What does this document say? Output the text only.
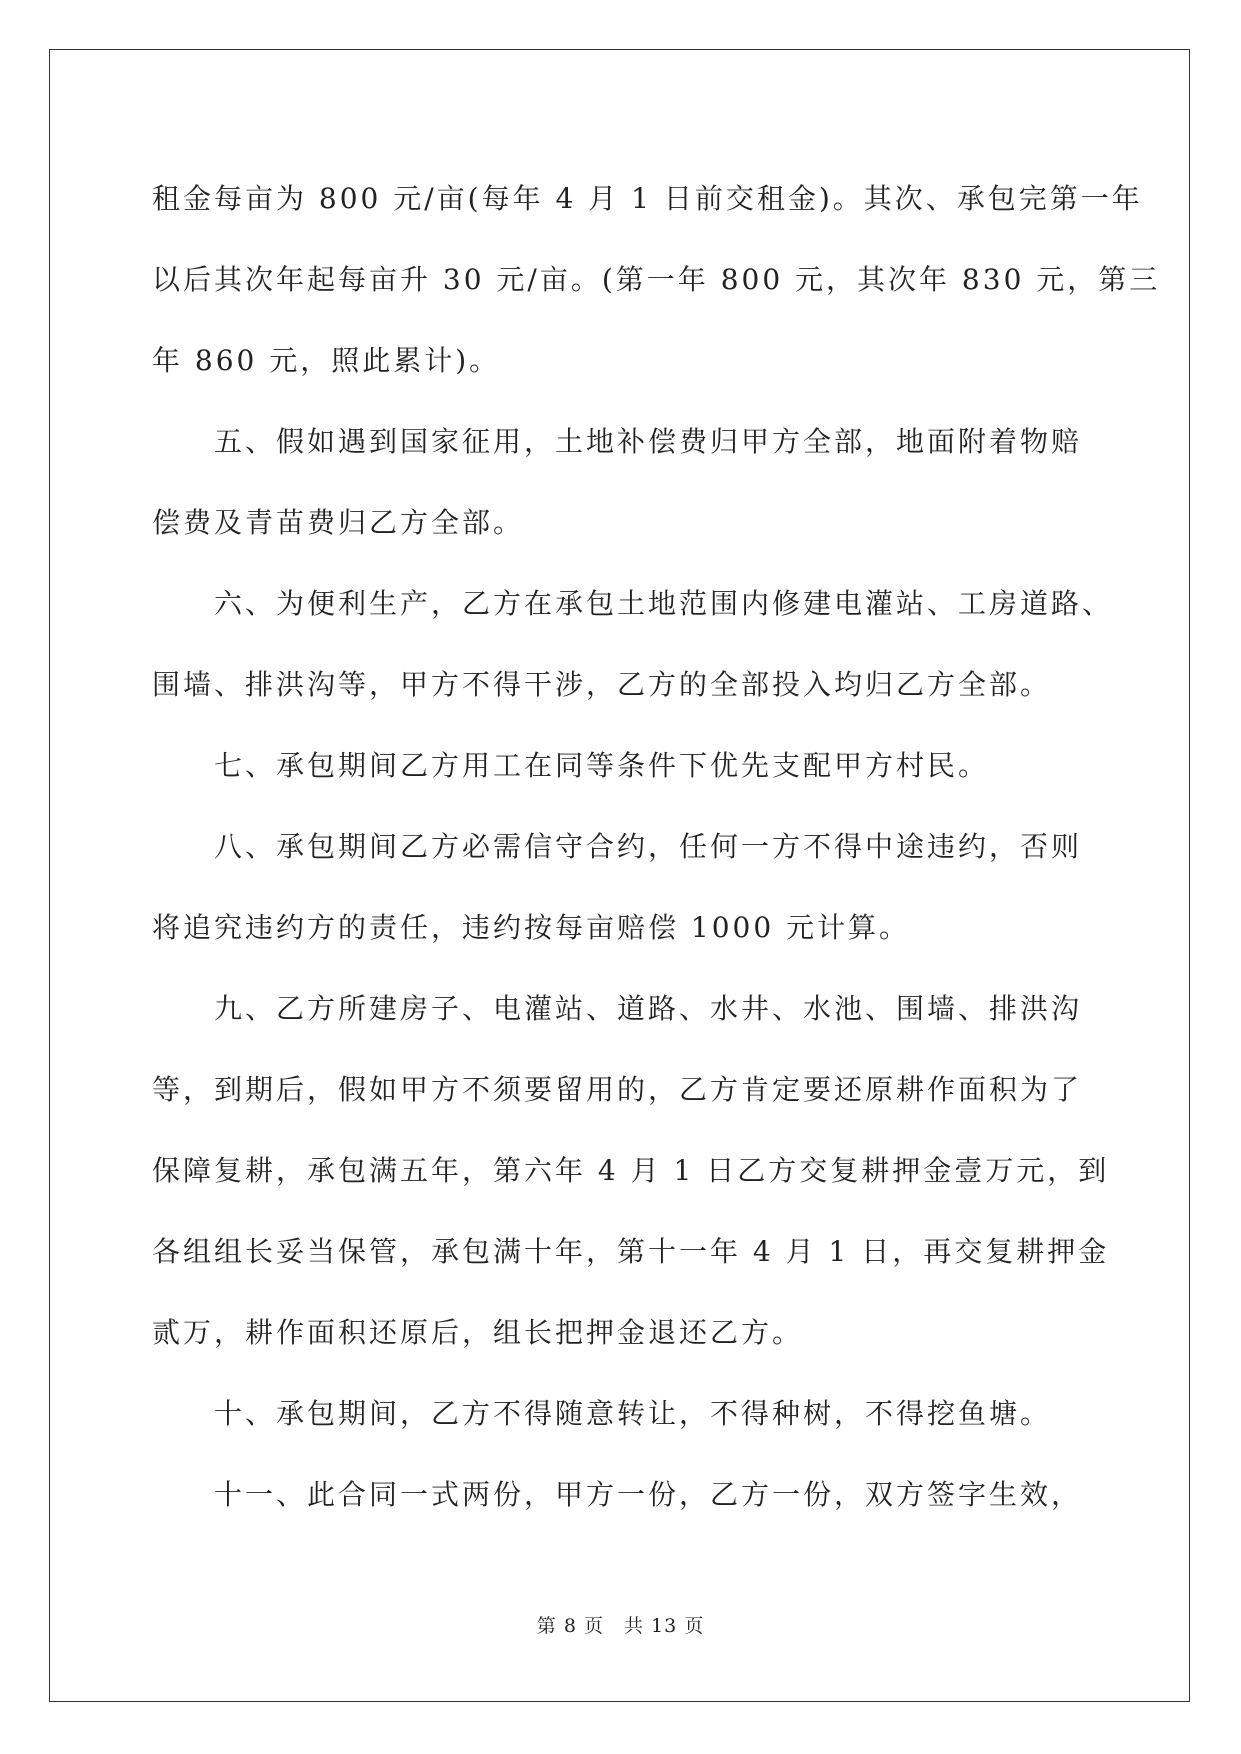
租金每亩为 800 元/亩(每年 4 月 1 日前交租金)。其次、承包完第一年
以后其次年起每亩升 30 元/亩。(第一年 800 元，其次年 830 元，第三
年 860 元，照此累计)。
五、假如遇到国家征用，土地补偿费归甲方全部，地面附着物赔
偿费及青苗费归乙方全部。
六、为便利生产，乙方在承包土地范围内修建电灌站、工房道路、
围墙、排洪沟等，甲方不得干涉，乙方的全部投入均归乙方全部。
七、承包期间乙方用工在同等条件下优先支配甲方村民。
八、承包期间乙方必需信守合约，任何一方不得中途违约，否则
将追究违约方的责任，违约按每亩赔偿 1000 元计算。
九、乙方所建房子、电灌站、道路、水井、水池、围墙、排洪沟
等，到期后，假如甲方不须要留用的，乙方肯定要还原耕作面积为了
保障复耕，承包满五年，第六年 4 月 1 日乙方交复耕押金壹万元，到
各组组长妥当保管，承包满十年，第十一年 4 月 1 日，再交复耕押金
贰万，耕作面积还原后，组长把押金退还乙方。
十、承包期间，乙方不得随意转让，不得种树，不得挖鱼塘。
十一、此合同一式两份，甲方一份，乙方一份，双方签字生效，
第 8 页 共 13 页
